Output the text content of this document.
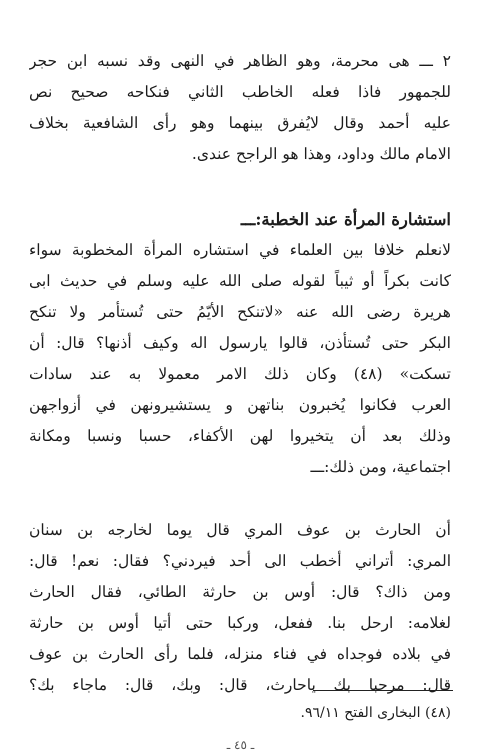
٢ ـــ هى محرمة، وهو الظاهر في النهى وقد نسبه ابن حجر
للجمهور فاذا فعله الخاطب الثاني فنكاحه صحيح نص
عليه أحمد وقال لايُفرق بينهما وهو رأى الشافعية بخلاف
الامام مالك وداود، وهذا هو الراجح عندى.
استشارة المرأة عند الخطبة:ـــ
لانعلم خلافا بين العلماء في استشاره المرأة المخطوبة سواء
كانت بكراً أو ثيباً لقوله صلى الله عليه وسلم في حديث ابى
هريرة رضى الله عنه «لاتنكح الأيّمُ حتى تُستأمر ولا تنكح
البكر حتى تُستأذن، قالوا يارسول اله وكيف أذنها؟ قال: أن
تسكت» (٤٨) وكان ذلك الامر معمولا به عند سادات
العرب فكانوا يُخبرون بناتهن و يستشيرونهن في أزواجهن
وذلك بعد أن يتخيروا لهن الأكفاء، حسبا ونسبا ومكانة
اجتماعية، ومن ذلك:ـــ
أن الحارث بن عوف المري قال يوما لخارجه بن سنان
المري: أتراني أخطب الى أحد فيردني؟ فقال: نعم! قال:
ومن ذاك؟ قال: أوس بن حارثة الطائي، فقال الحارث
لغلامه: ارحل بنا. ففعل، وركبا حتى أتيا أوس بن حارثة
في بلاده فوجداه في فناء منزله، فلما رأى الحارث بن عوف
قال: مرحبا بك ياحارث، قال: وبك، قال: ماجاء بك؟
(٤٨) البخارى الفتح ٩٦/١١.
ـ ٤٥ ـ
